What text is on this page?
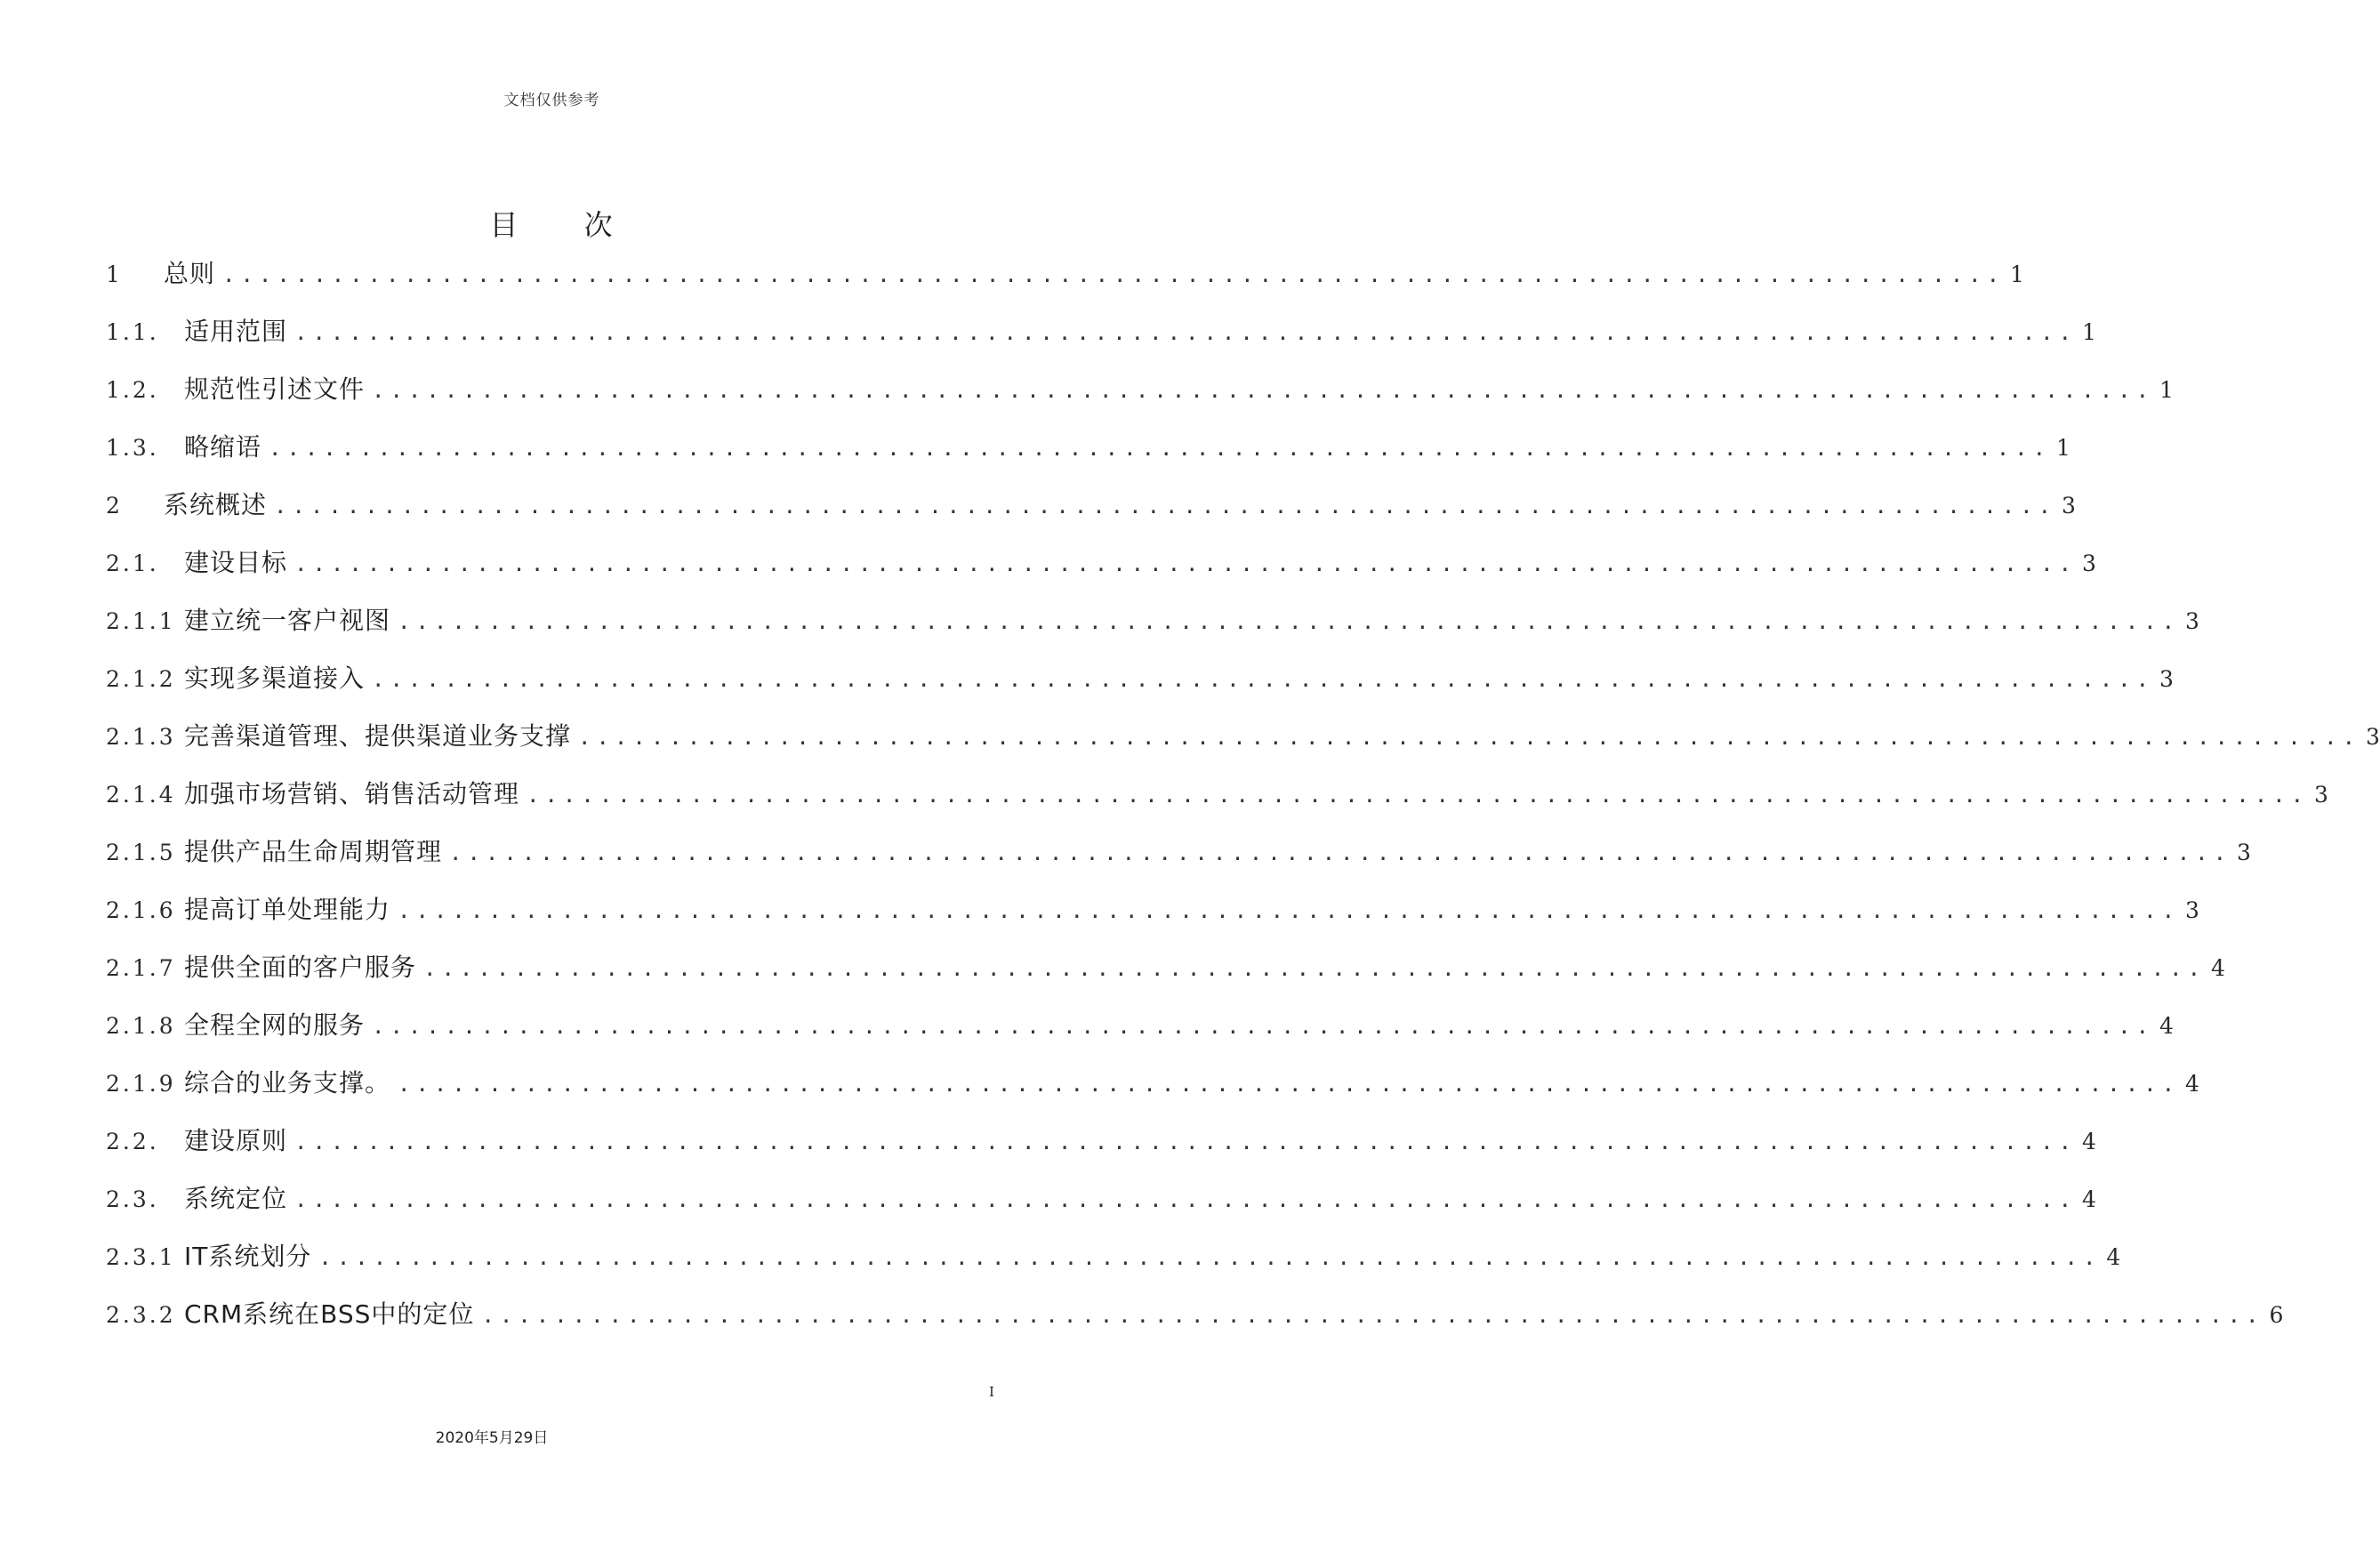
文档仅供参考
目 次
1	总则 .................................................................................................. 1
1.1.	适用范围 .................................................................................................. 1
1.2.	规范性引述文件 .................................................................................................. 1
1.3.	略缩语 .................................................................................................. 1
2	系统概述 .................................................................................................. 3
2.1.	建设目标 .................................................................................................. 3
2.1.1 建立统一客户视图 .................................................................................................. 3
2.1.2 实现多渠道接入 .................................................................................................. 3
2.1.3 完善渠道管理、提供渠道业务支撑 .................................................................................................. 3
2.1.4 加强市场营销、销售活动管理 .................................................................................................. 3
2.1.5 提供产品生命周期管理 .................................................................................................. 3
2.1.6 提高订单处理能力 .................................................................................................. 3
2.1.7 提供全面的客户服务 .................................................................................................. 4
2.1.8 全程全网的服务 .................................................................................................. 4
2.1.9 综合的业务支撑。 .................................................................................................. 4
2.2.	建设原则 .................................................................................................. 4
2.3.	系统定位 .................................................................................................. 4
2.3.1 IT系统划分 .................................................................................................. 4
2.3.2 CRM系统在BSS中的定位 .................................................................................................. 6
I
2020年5月29日
